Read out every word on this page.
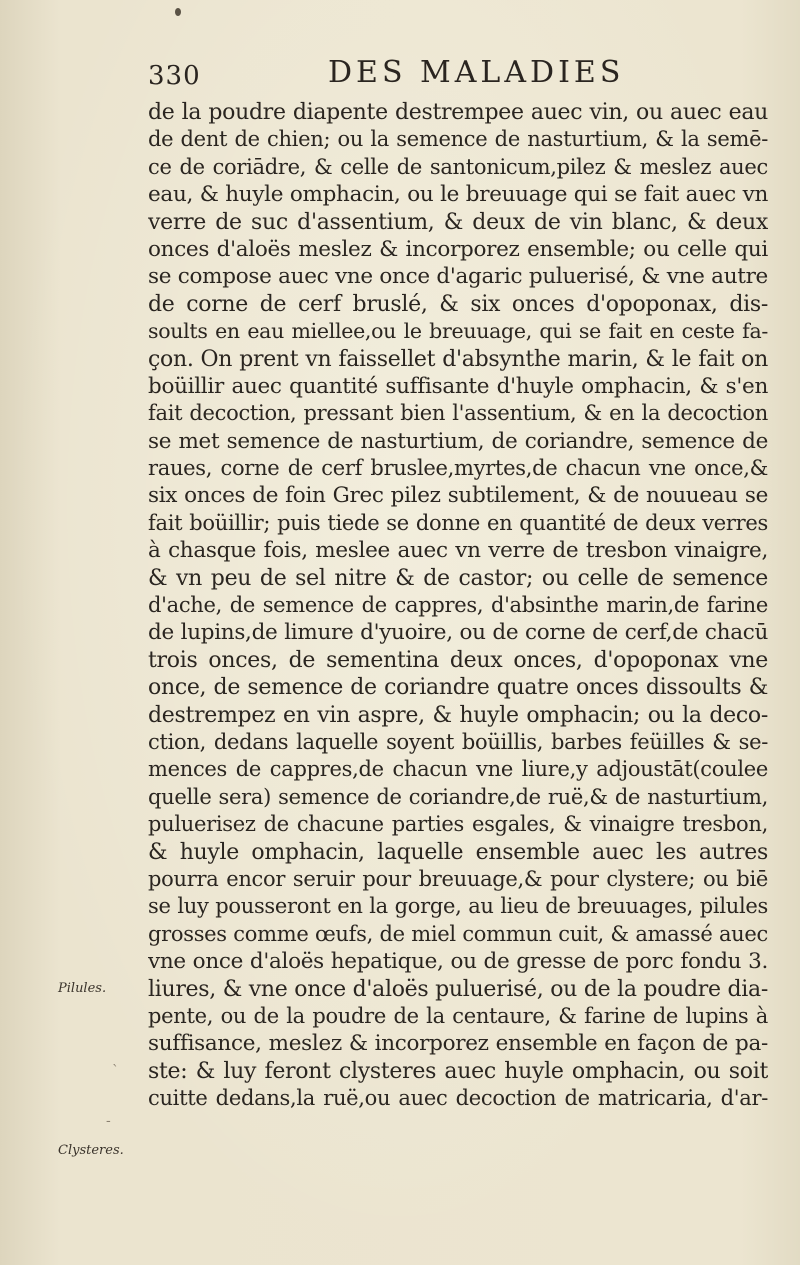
330	DES MALADIES
Pilules.
Clysteres.
`
-
de la poudre diapente destrempee auec vin, ou auec eau
de dent de chien; ou la semence de nasturtium, & la semē-
ce de coriādre, & celle de santonicum,pilez & meslez auec
eau, & huyle omphacin, ou le breuuage qui se fait auec vn
verre de suc d'assentium, & deux de vin blanc, & deux
onces d'aloës meslez & incorporez ensemble; ou celle qui
se compose auec vne once d'agaric puluerisé, & vne autre
de corne de cerf bruslé, & six onces d'opoponax, dis-
soults en eau miellee,ou le breuuage, qui se fait en ceste fa-
çon. On prent vn faissellet d'absynthe marin, & le fait on
boüillir auec quantité suffisante d'huyle omphacin, & s'en
fait decoction, pressant bien l'assentium, & en la decoction
se met semence de nasturtium, de coriandre, semence de
raues, corne de cerf bruslee,myrtes,de chacun vne once,&
six onces de foin Grec pilez subtilement, & de nouueau se
fait boüillir; puis tiede se donne en quantité de deux verres
à chasque fois, meslee auec vn verre de tresbon vinaigre,
& vn peu de sel nitre & de castor; ou celle de semence
d'ache, de semence de cappres, d'absinthe marin,de farine
de lupins,de limure d'yuoire, ou de corne de cerf,de chacū
trois onces, de sementina deux onces, d'opoponax vne
once, de semence de coriandre quatre onces dissoults &
destrempez en vin aspre, & huyle omphacin; ou la deco-
ction, dedans laquelle soyent boüillis, barbes feüilles & se-
mences de cappres,de chacun vne liure,y adjoustāt(coulee
quelle sera) semence de coriandre,de ruë,& de nasturtium,
puluerisez de chacune parties esgales, & vinaigre tresbon,
& huyle omphacin, laquelle ensemble auec les autres
pourra encor seruir pour breuuage,& pour clystere; ou biē
se luy pousseront en la gorge, au lieu de breuuages, pilules
grosses comme œufs, de miel commun cuit, & amassé auec
vne once d'aloës hepatique, ou de gresse de porc fondu 3.
liures, & vne once d'aloës puluerisé, ou de la poudre dia-
pente, ou de la poudre de la centaure, & farine de lupins à
suffisance, meslez & incorporez ensemble en façon de pa-
ste: & luy feront clysteres auec huyle omphacin, ou soit
cuitte dedans,la ruë,ou auec decoction de matricaria, d'ar-
